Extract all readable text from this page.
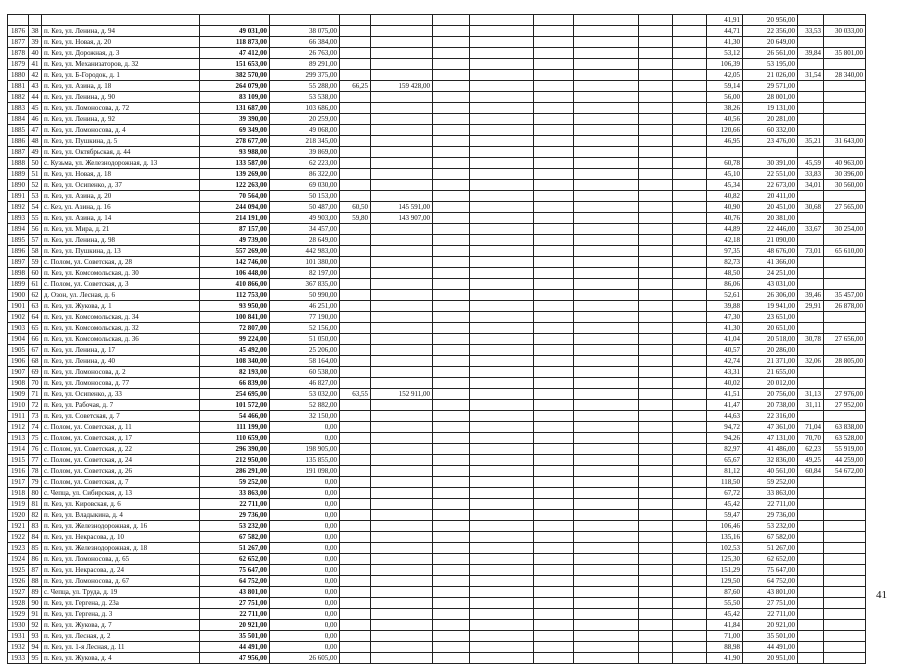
													41,91	20 956,00		
1876	38	п. Кез, ул. Ленина, д. 94	49 031,00	38 075,00									44,71	22 356,00	33,53	30 033,00
1877	39	п. Кез, ул. Новая, д. 20	118 873,00	66 384,00									41,30	20 649,00		
1878	40	п. Кез, ул. Дорожная, д. 3	47 412,00	26 763,00									53,12	26 561,00	39,84	35 801,00
1879	41	п. Кез, ул. Механизаторов, д. 32	151 653,00	89 291,00									106,39	53 195,00		
1880	42	п. Кез, ул. Б-Городок, д. 1	382 570,00	299 375,00									42,05	21 026,00	31,54	28 340,00
1881	43	п. Кез, ул. Азина, д. 18	264 079,00	55 288,00	66,25	159 428,00							59,14	29 571,00		
1882	44	п. Кез, ул. Ленина, д. 90	83 109,00	53 538,00									56,00	28 001,00		
1883	45	п. Кез, ул. Ломоносова, д. 72	131 687,00	103 686,00									38,26	19 131,00		
1884	46	п. Кез, ул. Ленина, д. 92	39 390,00	20 259,00									40,56	20 281,00		
1885	47	п. Кез, ул. Ломоносова, д. 4	69 349,00	49 068,00									120,66	60 332,00		
1886	48	п. Кез, ул. Пушкина, д. 5	278 677,00	218 345,00									46,95	23 476,00	35,21	31 643,00
1887	49	п. Кез, ул. Октябрьская, д. 44	93 988,00	39 869,00												
1888	50	с. Кузьма, ул. Железнодорожная, д. 13	133 587,00	62 223,00									60,78	30 391,00	45,59	40 963,00
1889	51	п. Кез, ул. Новая, д. 18	139 269,00	86 322,00									45,10	22 551,00	33,83	30 396,00
1890	52	п. Кез, ул. Осипенко, д. 37	122 263,00	69 030,00									45,34	22 673,00	34,01	30 560,00
1891	53	п. Кез, ул. Азина, д. 20	70 564,00	50 153,00									40,82	20 411,00		
1892	54	с. Кез, ул. Азина, д. 16	244 094,00	50 487,00	60,50	145 591,00							40,90	20 451,00	30,68	27 565,00
1893	55	п. Кез, ул. Азина, д. 14	214 191,00	49 903,00	59,80	143 907,00							40,76	20 381,00		
1894	56	п. Кез, ул. Мира, д. 21	87 157,00	34 457,00									44,89	22 446,00	33,67	30 254,00
1895	57	п. Кез, ул. Ленина, д. 98	49 739,00	28 649,00									42,18	21 090,00		
1896	58	п. Кез, ул. Пушкина, д. 13	557 269,00	442 983,00									97,35	48 676,00	73,01	65 610,00
1897	59	с. Полом, ул. Советская, д. 28	142 746,00	101 380,00									82,73	41 366,00		
1898	60	п. Кез, ул. Комсомольская, д. 30	106 448,00	82 197,00									48,50	24 251,00		
1899	61	с. Полом, ул. Советская, д. 3	410 866,00	367 835,00									86,06	43 031,00		
1900	62	д. Озон, ул. Лесная, д. 6	112 753,00	50 990,00									52,61	26 306,00	39,46	35 457,00
1901	63	п. Кез, ул. Жукова, д. 1	93 950,00	46 251,00									39,88	19 941,00	29,91	26 878,00
1902	64	п. Кез, ул. Комсомольская, д. 34	100 841,00	77 190,00									47,30	23 651,00		
1903	65	п. Кез, ул. Комсомольская, д. 32	72 807,00	52 156,00									41,30	20 651,00		
1904	66	п. Кез, ул. Комсомольская, д. 36	99 224,00	51 050,00									41,04	20 518,00	30,78	27 656,00
1905	67	п. Кез, ул. Ленина, д. 17	45 492,00	25 206,00									40,57	20 286,00		
1906	68	п. Кез, ул. Ленина, д. 40	108 340,00	58 164,00									42,74	21 371,00	32,06	28 805,00
1907	69	п. Кез, ул. Ломоносова, д. 2	82 193,00	60 538,00									43,31	21 655,00		
1908	70	п. Кез, ул. Ломоносова, д. 77	66 839,00	46 827,00									40,02	20 012,00		
1909	71	п. Кез, ул. Осипенко, д. 33	254 695,00	53 032,00	63,55	152 911,00							41,51	20 756,00	31,13	27 976,00
1910	72	п. Кез, ул. Рабочая, д. 7	101 572,00	52 882,00									41,47	20 738,00	31,11	27 952,00
1911	73	п. Кез, ул. Советская, д. 7	54 466,00	32 150,00									44,63	22 316,00		
1912	74	с. Полом, ул. Советская, д. 11	111 199,00	0,00									94,72	47 361,00	71,04	63 838,00
1913	75	с. Полом, ул. Советская, д. 17	110 659,00	0,00									94,26	47 131,00	70,70	63 528,00
1914	76	с. Полом, ул. Советская, д. 22	296 390,00	198 905,00									82,97	41 486,00	62,23	55 919,00
1915	77	с. Полом, ул. Советская, д. 24	212 950,00	135 855,00									65,67	32 836,00	49,25	44 259,00
1916	78	с. Полом, ул. Советская, д. 26	286 291,00	191 098,00									81,12	40 561,00	60,84	54 672,00
1917	79	с. Полом, ул. Советская, д. 7	59 252,00	0,00									118,50	59 252,00		
1918	80	с. Чепца, ул. Сибирская, д. 13	33 863,00	0,00									67,72	33 863,00		
1919	81	п. Кез, ул. Кировская, д. 6	22 711,00	0,00									45,42	22 711,00		
1920	82	п. Кез, ул. Владыкина, д. 4	29 736,00	0,00									59,47	29 736,00		
1921	83	п. Кез, ул. Железнодорожная, д. 16	53 232,00	0,00									106,46	53 232,00		
1922	84	п. Кез, ул. Некрасова, д. 10	67 582,00	0,00									135,16	67 582,00		
1923	85	п. Кез, ул. Железнодорожная, д. 18	51 267,00	0,00									102,53	51 267,00		
1924	86	п. Кез, ул. Ломоносова, д. 65	62 652,00	0,00									125,30	62 652,00		
1925	87	п. Кез, ул. Некрасова, д. 24	75 647,00	0,00									151,29	75 647,00		
1926	88	п. Кез, ул. Ломоносова, д. 67	64 752,00	0,00									129,50	64 752,00		
1927	89	с. Чепца, ул. Труда, д. 19	43 801,00	0,00									87,60	43 801,00		
1928	90	п. Кез, ул. Гергена, д. 23а	27 751,00	0,00									55,50	27 751,00		
1929	91	п. Кез, ул. Гергена, д. 3	22 711,00	0,00									45,42	22 711,00		
1930	92	п. Кез, ул. Жукова, д. 7	20 921,00	0,00									41,84	20 921,00		
1931	93	п. Кез, ул. Лесная, д. 2	35 501,00	0,00									71,00	35 501,00		
1932	94	п. Кез, ул. 1-я Лесная, д. 11	44 491,00	0,00									88,98	44 491,00		
1933	95	п. Кез, ул. Жукова, д. 4	47 956,00	26 605,00									41,90	20 951,00		
41
